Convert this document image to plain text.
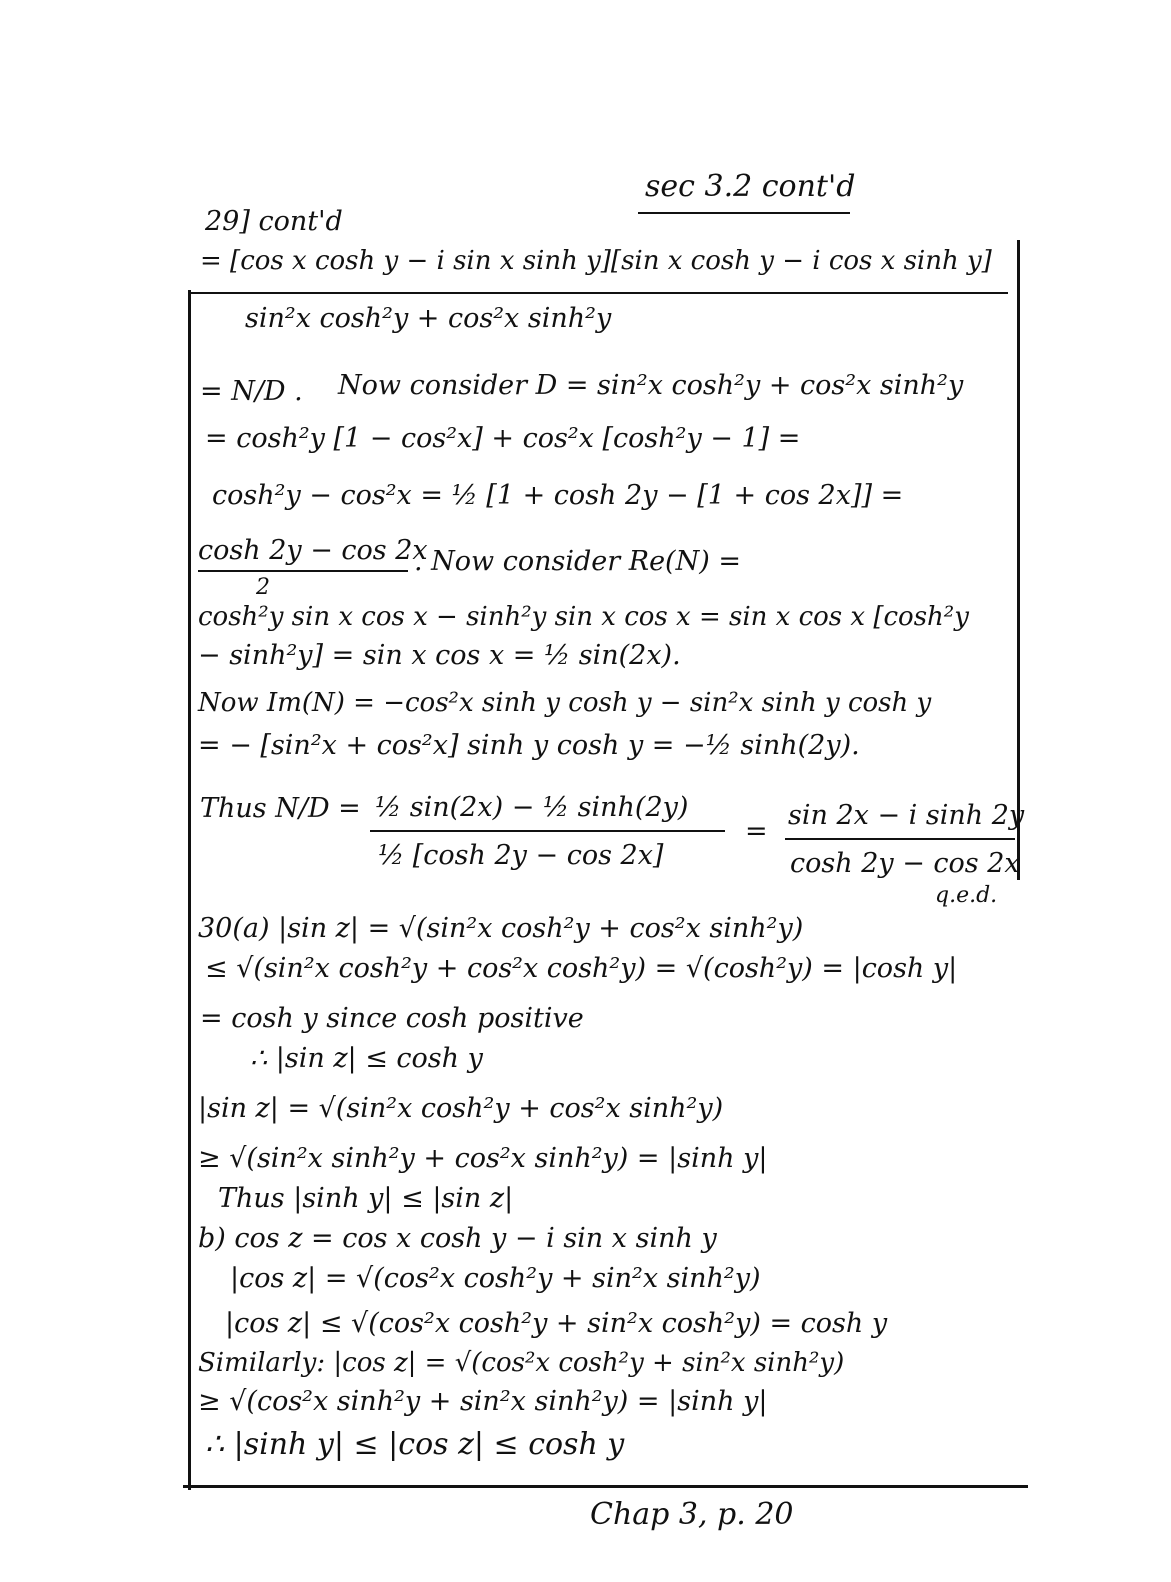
sec 3.2 cont'd
29] cont'd
= [cos x cosh y − i sin x sinh y][sin x cosh y − i cos x sinh y]
sin²x cosh²y + cos²x sinh²y
= N/D . Now consider D = sin²x cosh²y + cos²x sinh²y
= cosh²y [1 − cos²x] + cos²x [cosh²y − 1] =
cosh²y − cos²x = ½ [1 + cosh 2y − [1 + cos 2x]] =
cosh 2y − cos 2x
2
. Now consider Re(N) =
cosh²y sin x cos x − sinh²y sin x cos x = sin x cos x [cosh²y
− sinh²y] = sin x cos x = ½ sin(2x).
Now Im(N) = −cos²x sinh y cosh y − sin²x sinh y cosh y
= − [sin²x + cos²x] sinh y cosh y = −½ sinh(2y).
Thus N/D = ½ sin(2x) − ½ sinh(2y)
½ [cosh 2y − cos 2x]
=
sin 2x − i sinh 2y
cosh 2y − cos 2x
q.e.d.
30(a) |sin z| = √(sin²x cosh²y + cos²x sinh²y)
≤ √(sin²x cosh²y + cos²x cosh²y) = √(cosh²y) = |cosh y|
= cosh y since cosh positive
∴ |sin z| ≤ cosh y
|sin z| = √(sin²x cosh²y + cos²x sinh²y)
≥ √(sin²x sinh²y + cos²x sinh²y) = |sinh y|
Thus |sinh y| ≤ |sin z|
b) cos z = cos x cosh y − i sin x sinh y
|cos z| = √(cos²x cosh²y + sin²x sinh²y)
|cos z| ≤ √(cos²x cosh²y + sin²x cosh²y) = cosh y
Similarly: |cos z| = √(cos²x cosh²y + sin²x sinh²y)
≥ √(cos²x sinh²y + sin²x sinh²y) = |sinh y|
∴ |sinh y| ≤ |cos z| ≤ cosh y
Chap 3, p. 20
